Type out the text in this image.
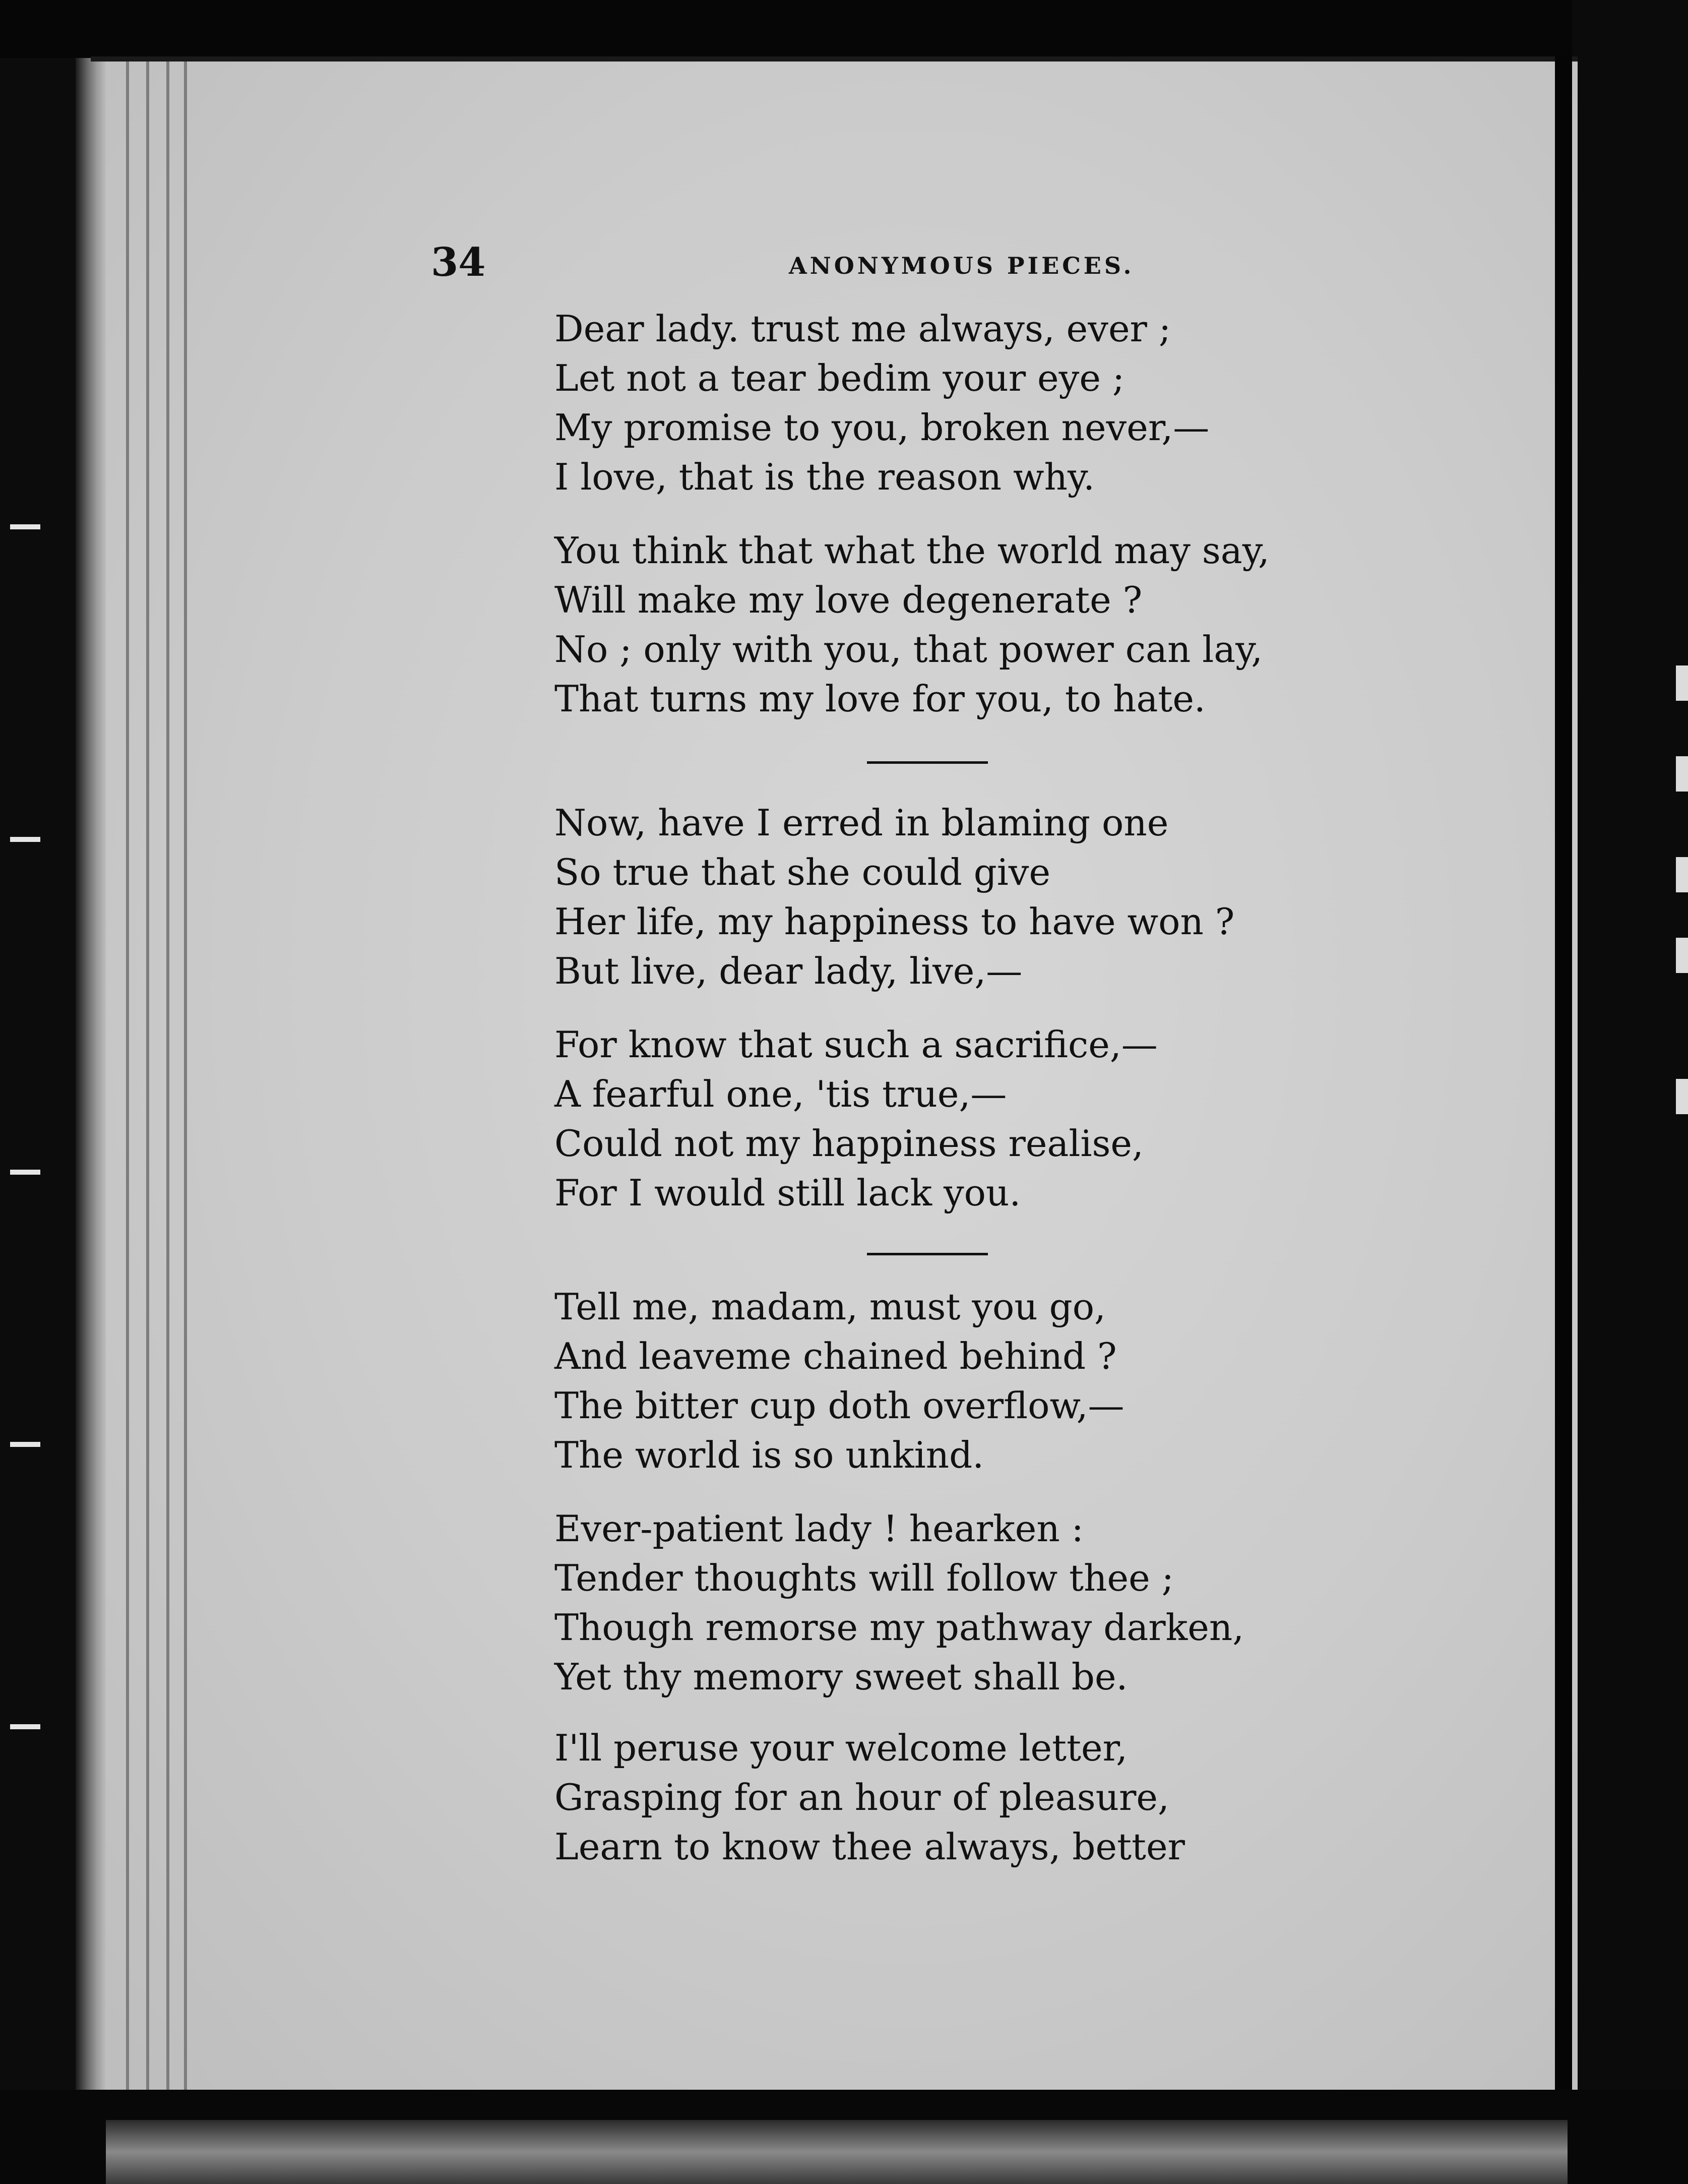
34	ANONYMOUS PIECES.
Dear lady. trust me always, ever ;
Let not a tear bedim your eye ;
My promise to you, broken never,—
I love, that is the reason why.
You think that what the world may say,
Will make my love degenerate ?
No ; only with you, that power can lay,
That turns my love for you, to hate.
Now, have I erred in blaming one
So true that she could give
Her life, my happiness to have won ?
But live, dear lady, live,—
For know that such a sacrifice,—
A fearful one, 'tis true,—
Could not my happiness realise,
For I would still lack you.
Tell me, madam, must you go,
And leaveme chained behind ?
The bitter cup doth overflow,—
The world is so unkind.
Ever-patient lady ! hearken :
Tender thoughts will follow thee ;
Though remorse my pathway darken,
Yet thy memory sweet shall be.
I'll peruse your welcome letter,
Grasping for an hour of pleasure,
Learn to know thee always, better
